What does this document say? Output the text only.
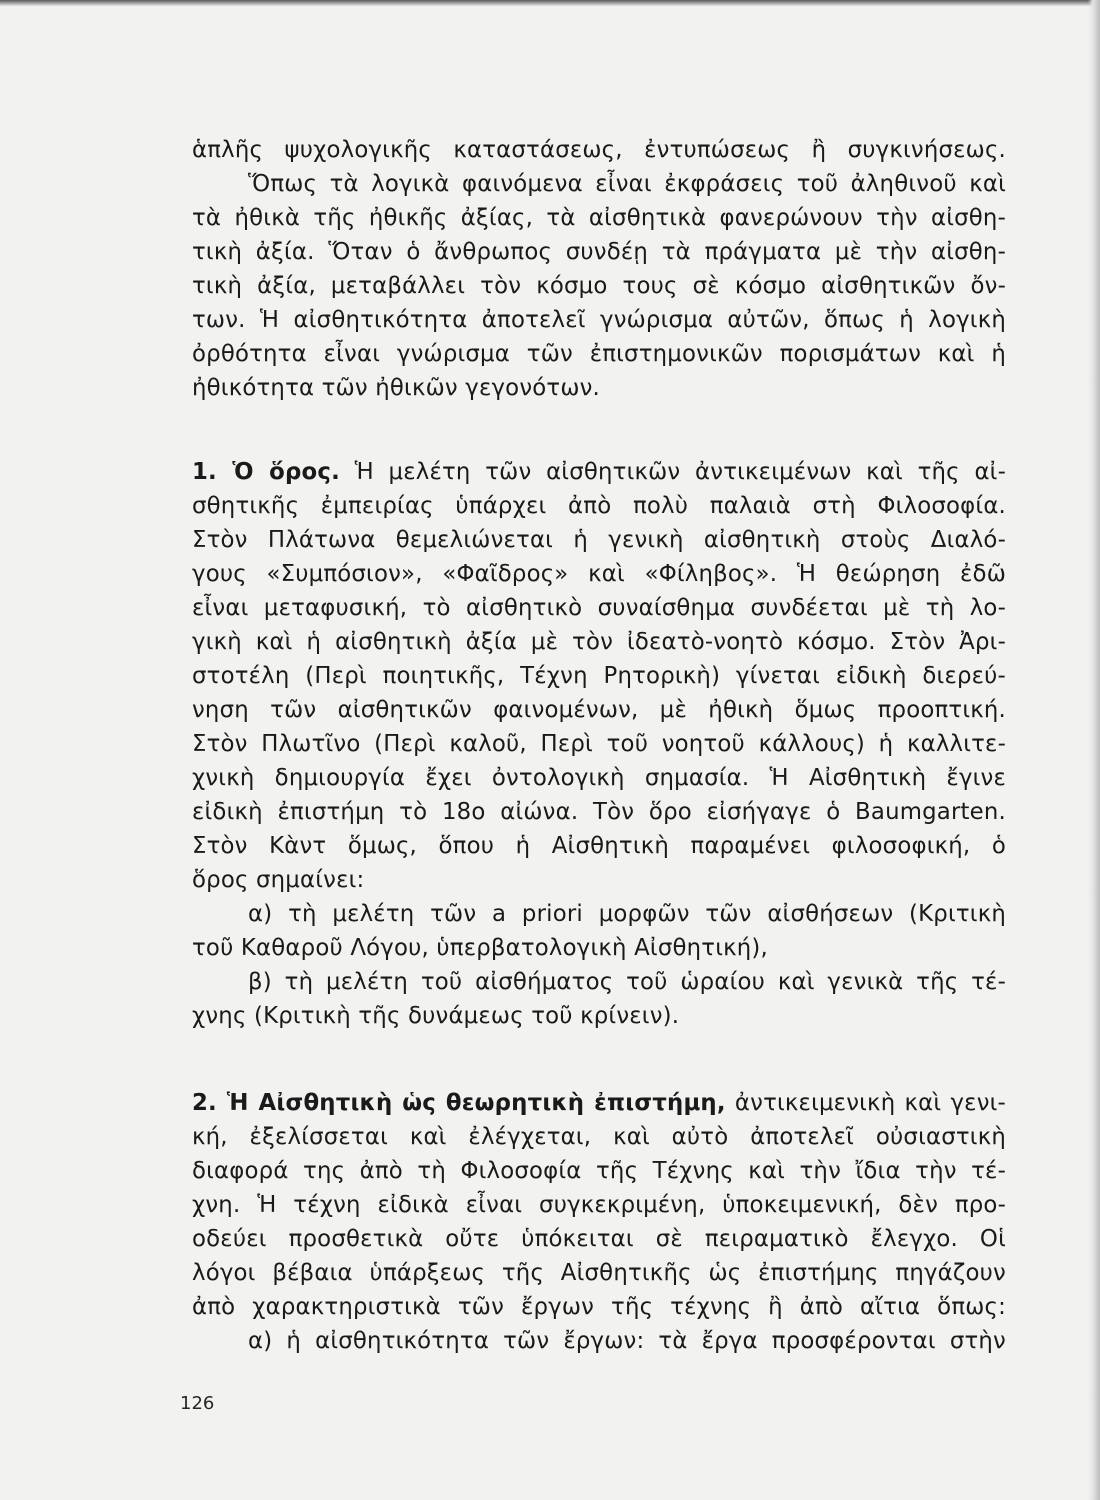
ἁπλῆς ψυχολογικῆς καταστάσεως, ἐντυπώσεως ἢ συγκινήσεως.
Ὅπως τὰ λογικὰ φαινόμενα εἶναι ἐκφράσεις τοῦ ἀληθινοῦ καὶ
τὰ ἠθικὰ τῆς ἠθικῆς ἀξίας, τὰ αἰσθητικὰ φανερώνουν τὴν αἰσθη-
τικὴ ἀξία. Ὅταν ὁ ἄνθρωπος συνδέῃ τὰ πράγματα μὲ τὴν αἰσθη-
τικὴ ἀξία, μεταβάλλει τὸν κόσμο τους σὲ κόσμο αἰσθητικῶν ὄν-
των. Ἡ αἰσθητικότητα ἀποτελεῖ γνώρισμα αὐτῶν, ὅπως ἡ λογικὴ
ὀρθότητα εἶναι γνώρισμα τῶν ἐπιστημονικῶν πορισμάτων καὶ ἡ
ἠθικότητα τῶν ἠθικῶν γεγονότων.
1. Ὁ ὅρος. Ἡ μελέτη τῶν αἰσθητικῶν ἀντικειμένων καὶ τῆς αἰ-
σθητικῆς ἐμπειρίας ὑπάρχει ἀπὸ πολὺ παλαιὰ στὴ Φιλοσοφία.
Στὸν Πλάτωνα θεμελιώνεται ἡ γενικὴ αἰσθητικὴ στοὺς Διαλό-
γους «Συμπόσιον», «Φαῖδρος» καὶ «Φίληβος». Ἡ θεώρηση ἐδῶ
εἶναι μεταφυσική, τὸ αἰσθητικὸ συναίσθημα συνδέεται μὲ τὴ λο-
γικὴ καὶ ἡ αἰσθητικὴ ἀξία μὲ τὸν ἰδεατὸ-νοητὸ κόσμο. Στὸν Ἀρι-
στοτέλη (Περὶ ποιητικῆς, Τέχνη Ρητορικὴ) γίνεται εἰδικὴ διερεύ-
νηση τῶν αἰσθητικῶν φαινομένων, μὲ ἠθικὴ ὅμως προοπτική.
Στὸν Πλωτῖνο (Περὶ καλοῦ, Περὶ τοῦ νοητοῦ κάλλους) ἡ καλλιτε-
χνικὴ δημιουργία ἔχει ὀντολογικὴ σημασία. Ἡ Αἰσθητικὴ ἔγινε
εἰδικὴ ἐπιστήμη τὸ 18ο αἰώνα. Τὸν ὅρο εἰσήγαγε ὁ Baumgarten.
Στὸν Κὰντ ὅμως, ὅπου ἡ Αἰσθητικὴ παραμένει φιλοσοφική, ὁ
ὅρος σημαίνει:
α) τὴ μελέτη τῶν a priori μορφῶν τῶν αἰσθήσεων (Κριτικὴ
τοῦ Καθαροῦ Λόγου, ὑπερβατολογικὴ Αἰσθητική),
β) τὴ μελέτη τοῦ αἰσθήματος τοῦ ὡραίου καὶ γενικὰ τῆς τέ-
χνης (Κριτικὴ τῆς δυνάμεως τοῦ κρίνειν).
2. Ἡ Αἰσθητικὴ ὡς θεωρητικὴ ἐπιστήμη, ἀντικειμενικὴ καὶ γενι-
κή, ἐξελίσσεται καὶ ἐλέγχεται, καὶ αὐτὸ ἀποτελεῖ οὐσιαστικὴ
διαφορά της ἀπὸ τὴ Φιλοσοφία τῆς Τέχνης καὶ τὴν ἴδια τὴν τέ-
χνη. Ἡ τέχνη εἰδικὰ εἶναι συγκεκριμένη, ὑποκειμενική, δὲν προ-
οδεύει προσθετικὰ οὔτε ὑπόκειται σὲ πειραματικὸ ἔλεγχο. Οἱ
λόγοι βέβαια ὑπάρξεως τῆς Αἰσθητικῆς ὡς ἐπιστήμης πηγάζουν
ἀπὸ χαρακτηριστικὰ τῶν ἔργων τῆς τέχνης ἢ ἀπὸ αἴτια ὅπως:
α) ἡ αἰσθητικότητα τῶν ἔργων: τὰ ἔργα προσφέρονται στὴν
126
